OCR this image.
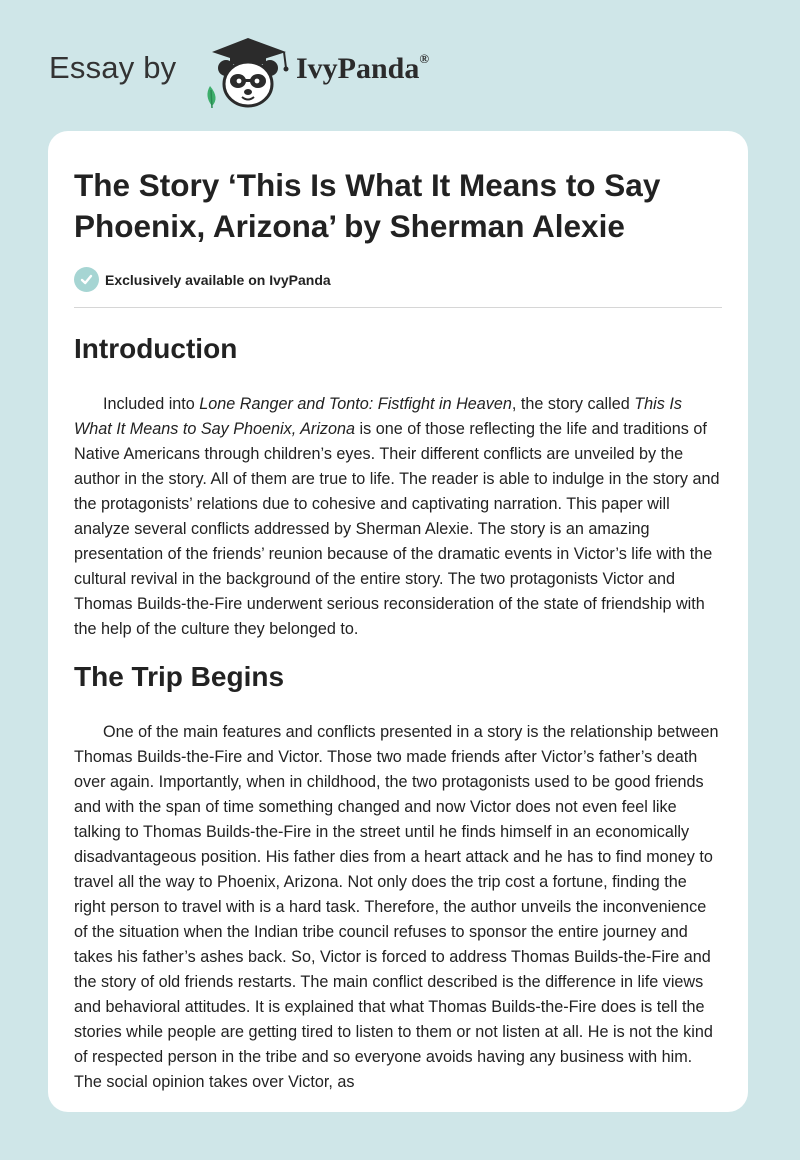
Essay by	IvyPanda®
The Story ‘This Is What It Means to Say Phoenix, Arizona’ by Sherman Alexie
Exclusively available on IvyPanda
Introduction

Included into Lone Ranger and Tonto: Fistfight in Heaven, the story called This Is What It Means to Say Phoenix, Arizona is one of those reflecting the life and traditions of Native Americans through children’s eyes. Their different conflicts are unveiled by the author in the story. All of them are true to life. The reader is able to indulge in the story and the protagonists’ relations due to cohesive and captivating narration. This paper will analyze several conflicts addressed by Sherman Alexie. The story is an amazing presentation of the friends’ reunion because of the dramatic events in Victor’s life with the cultural revival in the background of the entire story. The two protagonists Victor and Thomas Builds-the-Fire underwent serious reconsideration of the state of friendship with the help of the culture they belonged to.

The Trip Begins

One of the main features and conflicts presented in a story is the relationship between Thomas Builds-the-Fire and Victor. Those two made friends after Victor’s father’s death over again. Importantly, when in childhood, the two protagonists used to be good friends and with the span of time something changed and now Victor does not even feel like talking to Thomas Builds-the-Fire in the street until he finds himself in an economically disadvantageous position. His father dies from a heart attack and he has to find money to travel all the way to Phoenix, Arizona. Not only does the trip cost a fortune, finding the right person to travel with is a hard task. Therefore, the author unveils the inconvenience of the situation when the Indian tribe council refuses to sponsor the entire journey and takes his father’s ashes back. So, Victor is forced to address Thomas Builds-the-Fire and the story of old friends restarts. The main conflict described is the difference in life views and behavioral attitudes. It is explained that what Thomas Builds-the-Fire does is tell the stories while people are getting tired to listen to them or not listen at all. He is not the kind of respected person in the tribe and so everyone avoids having any business with him. The social opinion takes over Victor, as
